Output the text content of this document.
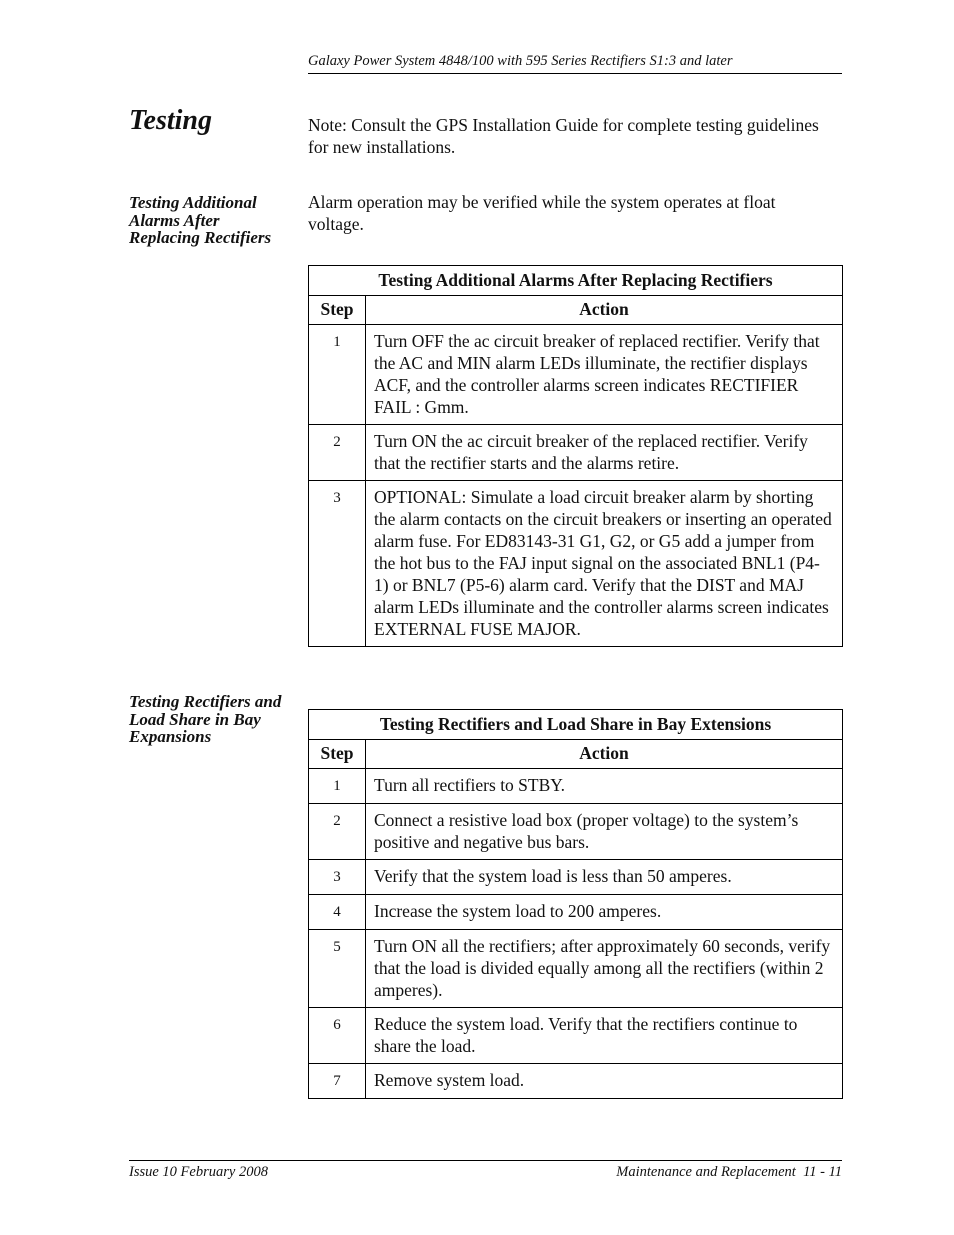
Galaxy Power System 4848/100 with 595 Series Rectifiers S1:3 and later
Testing	Note: Consult the GPS Installation Guide for complete testing guidelines for new installations.
Testing Additional Alarms After Replacing Rectifiers
Alarm operation may be verified while the system operates at float voltage.
Testing Additional Alarms After Replacing Rectifiers	
Step	Action
1	Turn OFF the ac circuit breaker of replaced rectifier. Verify that the AC and MIN alarm LEDs illuminate, the rectifier displays ACF, and the controller alarms screen indicates RECTIFIER FAIL : Gmm.
2	Turn ON the ac circuit breaker of the replaced rectifier. Verify that the rectifier starts and the alarms retire.
3	OPTIONAL: Simulate a load circuit breaker alarm by shorting the alarm contacts on the circuit breakers or inserting an operated alarm fuse. For ED83143-31 G1, G2, or G5 add a jumper from the hot bus to the FAJ input signal on the associated BNL1 (P4-1) or BNL7 (P5-6) alarm card. Verify that the DIST and MAJ alarm LEDs illuminate and the controller alarms screen indicates EXTERNAL FUSE MAJOR.
Testing Rectifiers and Load Share in Bay Expansions
Testing Rectifiers and Load Share in Bay Extensions	
Step	Action
1	Turn all rectifiers to STBY.
2	Connect a resistive load box (proper voltage) to the system’s positive and negative bus bars.
3	Verify that the system load is less than 50 amperes.
4	Increase the system load to 200 amperes.
5	Turn ON all the rectifiers; after approximately 60 seconds, verify that the load is divided equally among all the rectifiers (within 2 amperes).
6	Reduce the system load. Verify that the rectifiers continue to share the load.
7	Remove system load.
Issue 10 February 2008	Maintenance and Replacement  11 - 11
